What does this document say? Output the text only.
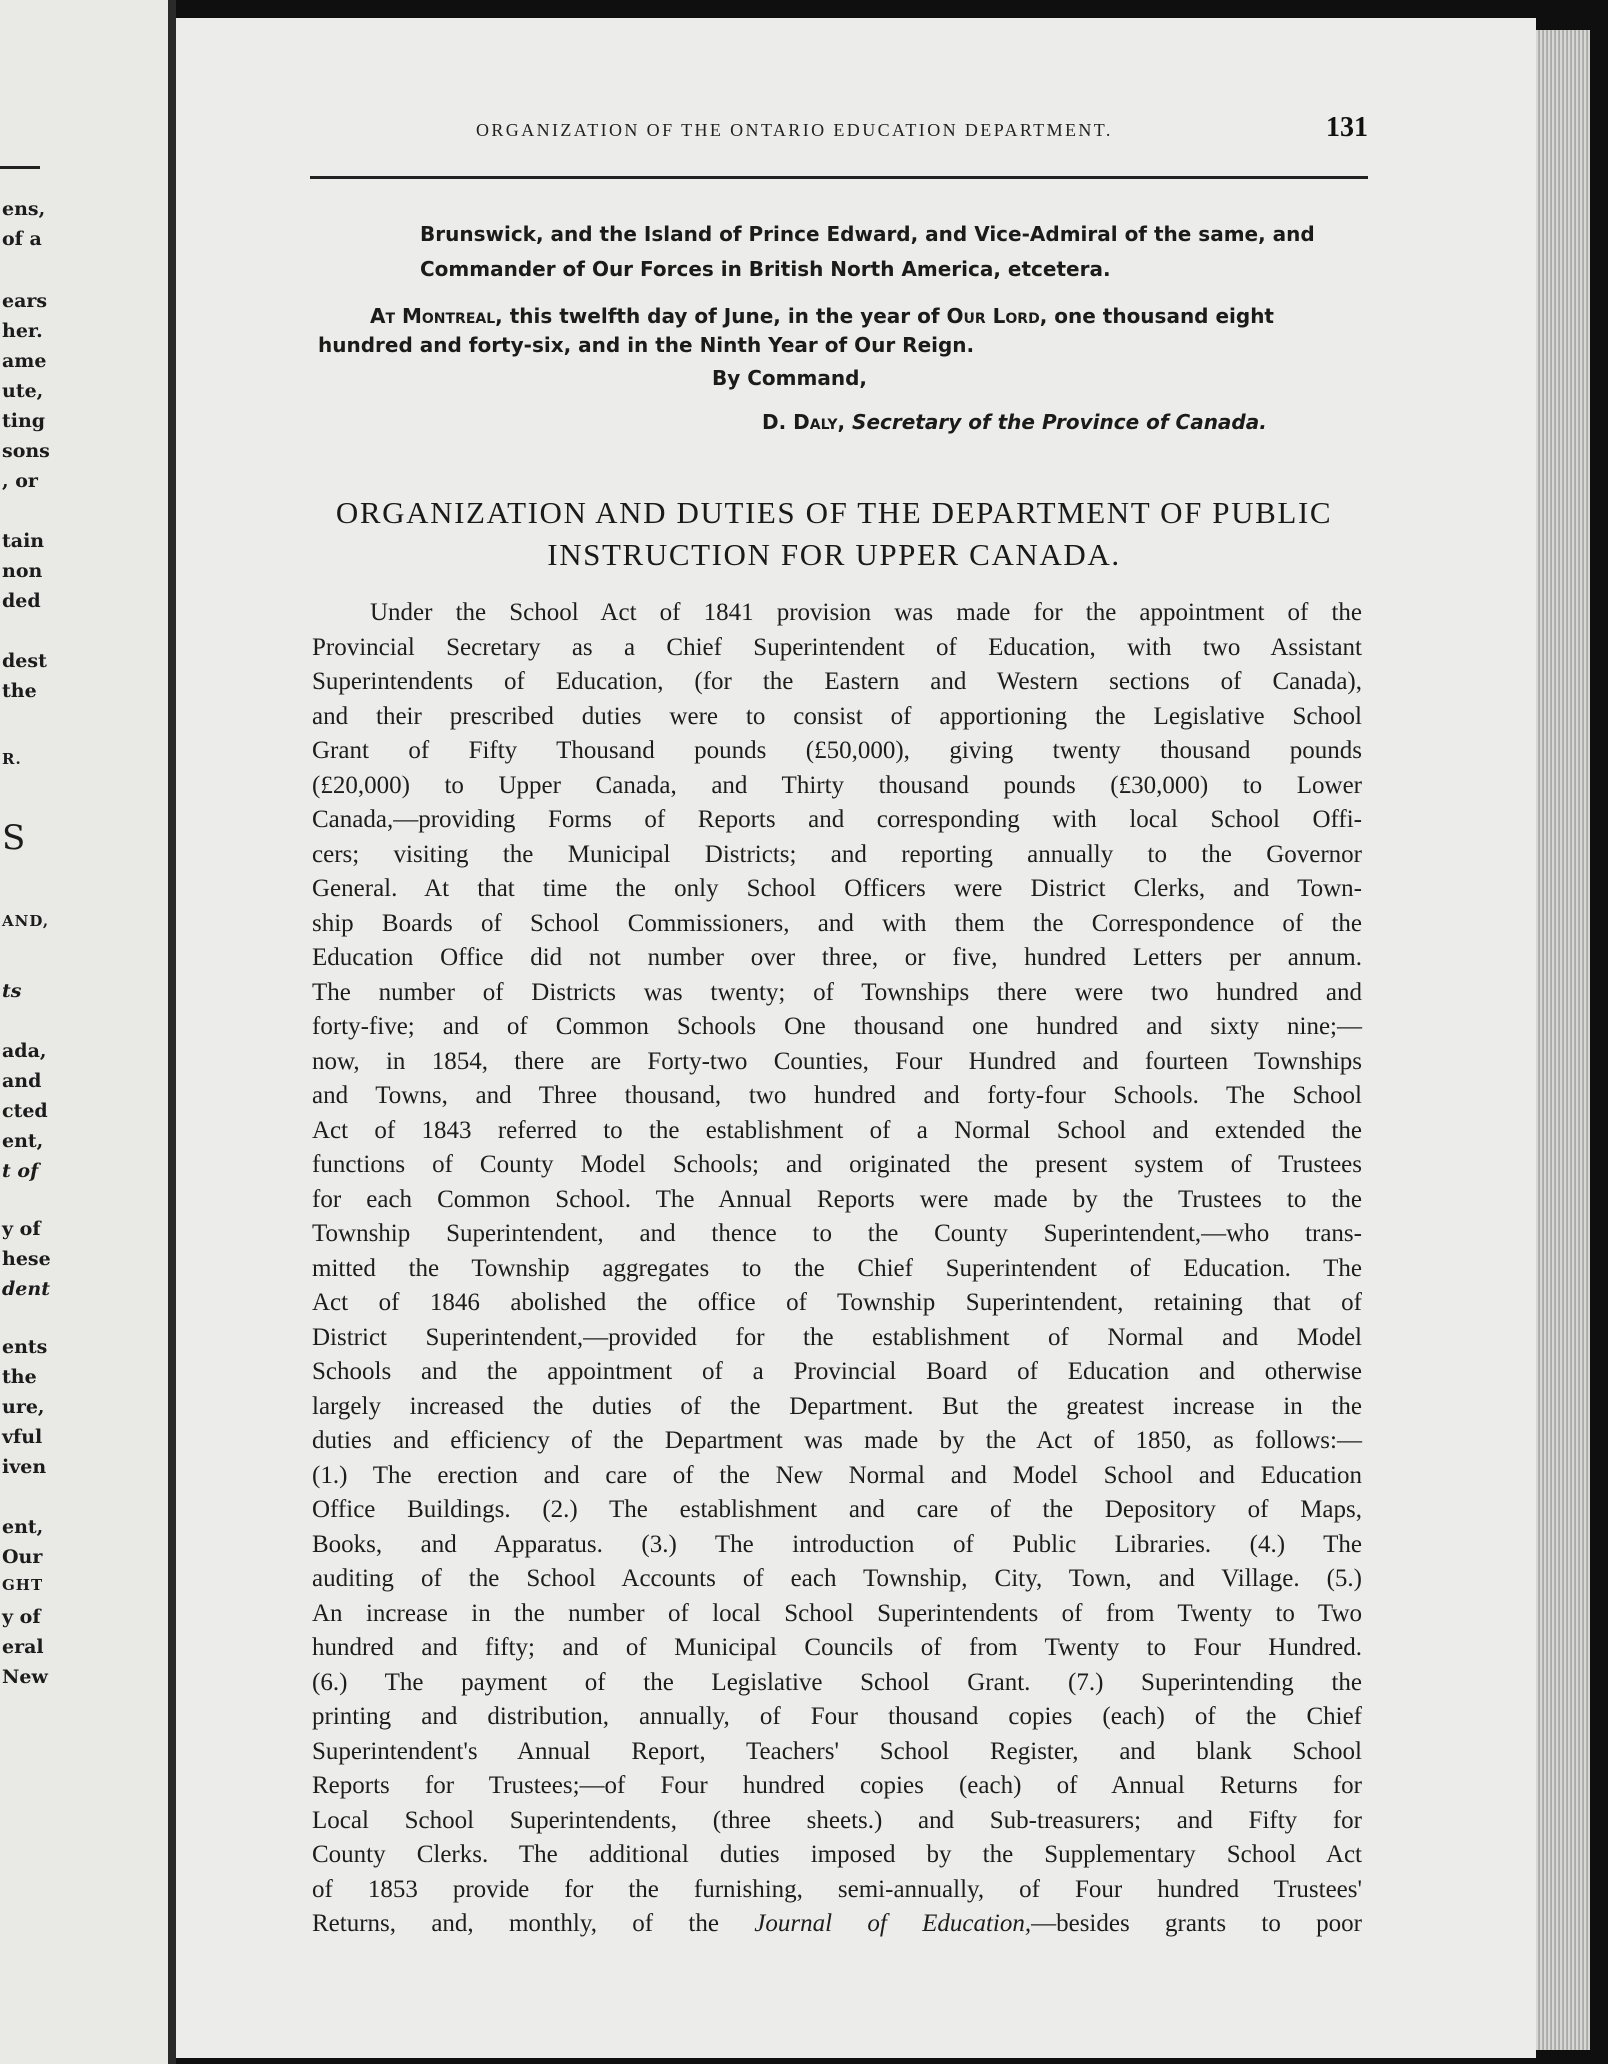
ens,
of a
ears
her.
ame
ute,
ting
sons
, or
tain
non
ded
dest
the
R.
S
AND,
ts
ada,
and
cted
ent,
t of
y of
hese
dent
ents
the
ure,
vful
iven
ent,
Our
GHT
y of
eral
New
ORGANIZATION OF THE ONTARIO EDUCATION DEPARTMENT.	131
Brunswick, and the Island of Prince Edward, and Vice-Admiral of the same, and
Commander of Our Forces in British North America, etcetera.
At Montreal, this twelfth day of June, in the year of Our Lord, one thousand eight
hundred and forty-six, and in the Ninth Year of Our Reign.
By Command,
D. Daly, Secretary of the Province of Canada.
ORGANIZATION AND DUTIES OF THE DEPARTMENT OF PUBLIC
INSTRUCTION FOR UPPER CANADA.
Under the School Act of 1841 provision was made for the appointment of the
Provincial Secretary as a Chief Superintendent of Education, with two Assistant
Superintendents of Education, (for the Eastern and Western sections of Canada),
and their prescribed duties were to consist of apportioning the Legislative School
Grant of Fifty Thousand pounds (£50,000), giving twenty thousand pounds
(£20,000) to Upper Canada, and Thirty thousand pounds (£30,000) to Lower
Canada,—providing Forms of Reports and corresponding with local School Offi-
cers; visiting the Municipal Districts; and reporting annually to the Governor
General. At that time the only School Officers were District Clerks, and Town-
ship Boards of School Commissioners, and with them the Correspondence of the
Education Office did not number over three, or five, hundred Letters per annum.
The number of Districts was twenty; of Townships there were two hundred and
forty-five; and of Common Schools One thousand one hundred and sixty nine;—
now, in 1854, there are Forty-two Counties, Four Hundred and fourteen Townships
and Towns, and Three thousand, two hundred and forty-four Schools. The School
Act of 1843 referred to the establishment of a Normal School and extended the
functions of County Model Schools; and originated the present system of Trustees
for each Common School. The Annual Reports were made by the Trustees to the
Township Superintendent, and thence to the County Superintendent,—who trans-
mitted the Township aggregates to the Chief Superintendent of Education. The
Act of 1846 abolished the office of Township Superintendent, retaining that of
District Superintendent,—provided for the establishment of Normal and Model
Schools and the appointment of a Provincial Board of Education and otherwise
largely increased the duties of the Department. But the greatest increase in the
duties and efficiency of the Department was made by the Act of 1850, as follows:—
(1.) The erection and care of the New Normal and Model School and Education
Office Buildings. (2.) The establishment and care of the Depository of Maps,
Books, and Apparatus. (3.) The introduction of Public Libraries. (4.) The
auditing of the School Accounts of each Township, City, Town, and Village. (5.)
An increase in the number of local School Superintendents of from Twenty to Two
hundred and fifty; and of Municipal Councils of from Twenty to Four Hundred.
(6.) The payment of the Legislative School Grant. (7.) Superintending the
printing and distribution, annually, of Four thousand copies (each) of the Chief
Superintendent's Annual Report, Teachers' School Register, and blank School
Reports for Trustees;—of Four hundred copies (each) of Annual Returns for
Local School Superintendents, (three sheets.) and Sub-treasurers; and Fifty for
County Clerks. The additional duties imposed by the Supplementary School Act
of 1853 provide for the furnishing, semi-annually, of Four hundred Trustees'
Returns, and, monthly, of the Journal of Education,—besides grants to poor
